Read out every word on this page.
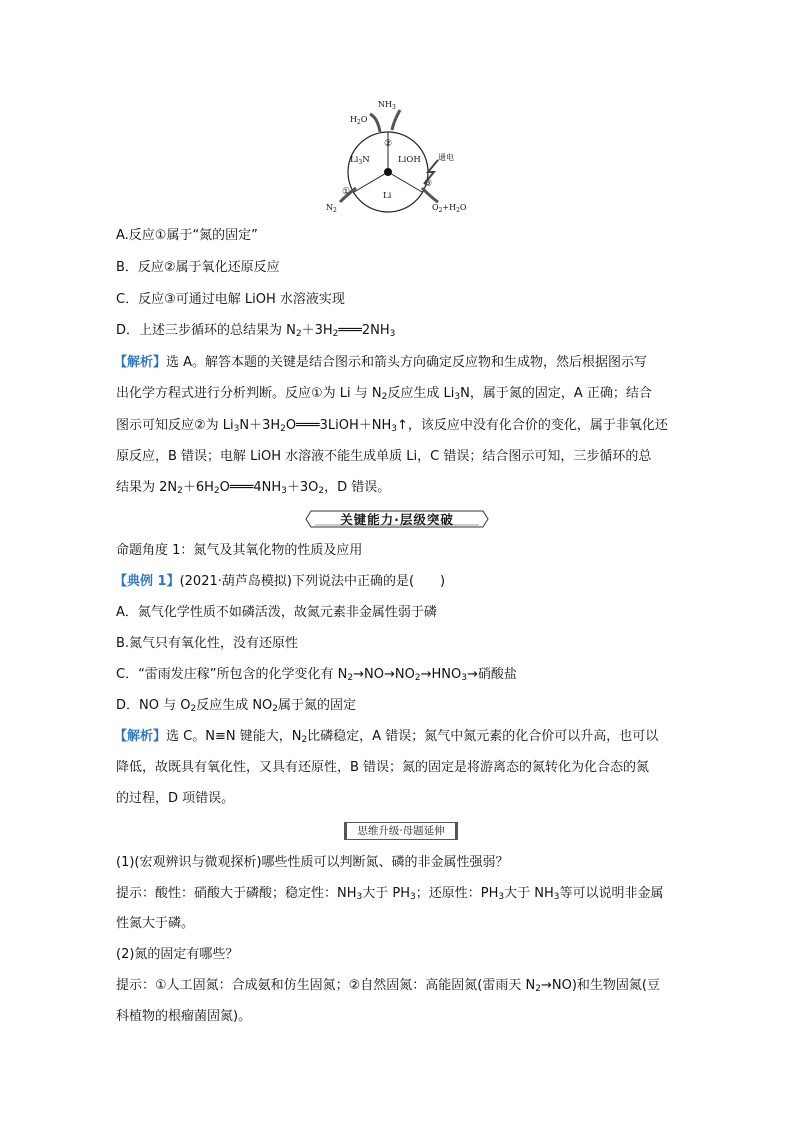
$NH_3$
$H_2O$
$Li_3N$	LiOH
Li
通电
②
①
③
$N_2$	$O_2+H_2O$
A.反应①属于“氮的固定”
B．反应②属于氧化还原反应
C．反应③可通过电解 LiOH 水溶液实现
D．上述三步循环的总结果为 $N_2+3H_2═══2NH_3$
【解析】选 A。解答本题的关键是结合图示和箭头方向确定反应物和生成物，然后根据图示写
出化学方程式进行分析判断。反应①为 Li 与 $N_2$反应生成 $Li_3N$，属于氮的固定，A 正确；结合
图示可知反应②为 $Li_3N+3H_2O═══3LiOH+NH_3↑$，该反应中没有化合价的变化，属于非氧化还
原反应，B 错误；电解 LiOH 水溶液不能生成单质 Li，C 错误；结合图示可知，三步循环的总
结果为 $2N_2+6H_2O═══4NH_3+3O_2$，D 错误。
关键能力·层级突破
命题角度 1：氮气及其氧化物的性质及应用
【典例 1】(2021·葫芦岛模拟)下列说法中正确的是(　　)
A．氮气化学性质不如磷活泼，故氮元素非金属性弱于磷
B.氮气只有氧化性，没有还原性
C．“雷雨发庄稼”所包含的化学变化有 $N_2\to NO\to NO_2\to HNO_3\to$硝酸盐
D．NO 与 $O_2$反应生成 $NO_2$属于氮的固定
【解析】选 C。N≡N 键能大，$N_2$比磷稳定，A 错误；氮气中氮元素的化合价可以升高，也可以
降低，故既具有氧化性，又具有还原性，B 错误；氮的固定是将游离态的氮转化为化合态的氮
的过程，D 项错误。
思维升级·母题延伸
(1)(宏观辨识与微观探析)哪些性质可以判断氮、磷的非金属性强弱？
提示：酸性：硝酸大于磷酸；稳定性：$NH_3$大于 $PH_3$；还原性：$PH_3$大于 $NH_3$等可以说明非金属
性氮大于磷。
(2)氮的固定有哪些？
提示：①人工固氮：合成氨和仿生固氮；②自然固氮：高能固氮(雷雨天 $N_2\to NO$)和生物固氮(豆
科植物的根瘤菌固氮)。
